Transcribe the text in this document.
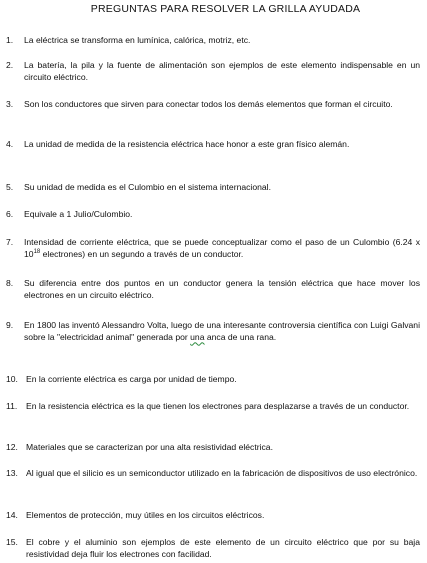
PREGUNTAS PARA RESOLVER LA GRILLA AYUDADA
1.	La eléctrica se transforma en lumínica, calórica, motriz, etc.
2.	La batería, la pila y la fuente de alimentación son ejemplos de este elemento indispensable en un circuito eléctrico.
3.	Son los conductores que sirven para conectar todos los demás elementos que forman el circuito.
4.	La unidad de medida de la resistencia eléctrica hace honor a este gran físico alemán.
5.	Su unidad de medida es el Culombio en el sistema internacional.
6.	Equivale a 1 Julio/Culombio.
7.	Intensidad de corriente eléctrica, que se puede conceptualizar como el paso de un Culombio (6.24 x $10^{18}$ electrones) en un segundo a través de un conductor.
8.	Su diferencia entre dos puntos en un conductor genera la tensión eléctrica que hace mover los electrones en un circuito eléctrico.
9.	En 1800 las inventó Alessandro Volta, luego de una interesante controversia científica con Luigi Galvani sobre la "electricidad animal" generada por una anca de una rana.
10. En la corriente eléctrica es carga por unidad de tiempo.
11.	En la resistencia eléctrica es la que tienen los electrones para desplazarse a través de un conductor.
12. Materiales que se caracterizan por una alta resistividad eléctrica.
13. Al igual que el silicio es un semiconductor utilizado en la fabricación de dispositivos de uso electrónico.
14. Elementos de protección, muy útiles en los circuitos eléctricos.
15. El cobre y el aluminio son ejemplos de este elemento de un circuito eléctrico que por su baja resistividad deja fluir los electrones con facilidad.
